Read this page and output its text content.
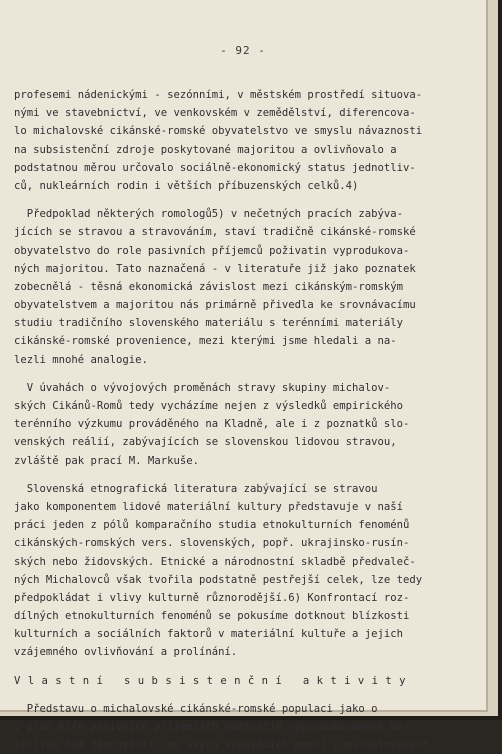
- 92 -
profesemi nádenickými - sezónními, v městském prostředí situova-
nými ve stavebnictví, ve venkovském v zemědělství, diferencova-
lo michalovské cikánské-romské obyvatelstvo ve smyslu návaznosti
na subsistenční zdroje poskytované majoritou a ovlivňovalo a
podstatnou měrou určovalo sociálně-ekonomický status jednotliv-
ců, nukleárních rodin i větších příbuzenských celků.4)
Předpoklad některých romologů5) v nečetných pracích zabýva-
jících se stravou a stravováním, staví tradičně cikánské-romské
obyvatelstvo do role pasivních příjemců poživatin vyprodukova-
ných majoritou. Tato naznačená - v literatuře již jako poznatek
zobecnělá - těsná ekonomická závislost mezi cikánským-romským
obyvatelstvem a majoritou nás primárně přivedla ke srovnávacímu
studiu tradičního slovenského materiálu s terénními materiály
cikánské-romské provenience, mezi kterými jsme hledali a na-
lezli mnohé analogie.
V úvahách o vývojových proměnách stravy skupiny michalov-
ských Cikánů-Romů tedy vycházíme nejen z výsledků empirického
terénního výzkumu prováděného na Kladně, ale i z poznatků slo-
venských reálií, zabývajících se slovenskou lidovou stravou,
zvláště pak prací M. Markuše.
Slovenská etnografická literatura zabývající se stravou
jako komponentem lidové materiální kultury představuje v naší
práci jeden z pólů komparačního studia etnokulturních fenoménů
cikánských-romských vers. slovenských, popř. ukrajinsko-rusín-
ských nebo židovských. Etnické a národnostní skladbě předvaleč-
ných Michalovců však tvořila podstatně pestřejší celek, lze tedy
předpokládat i vlivy kulturně různorodější.6) Konfrontací roz-
dílných etnokulturních fenoménů se pokusíme dotknout blízkosti
kulturních a sociálních faktorů v materiální kultuře a jejich
vzájemného ovlivňování a prolínání.
V l a s t n í   s u b s i s t e n č n í   a k t i v i t y
Představu o michalovské cikánské-romské populaci jako o
v plné míře pasivních příjemcích poživatin vyprodukovaných ma-
joritou nám zpochybnili ve svých výpovědích mnozí z michalovských
